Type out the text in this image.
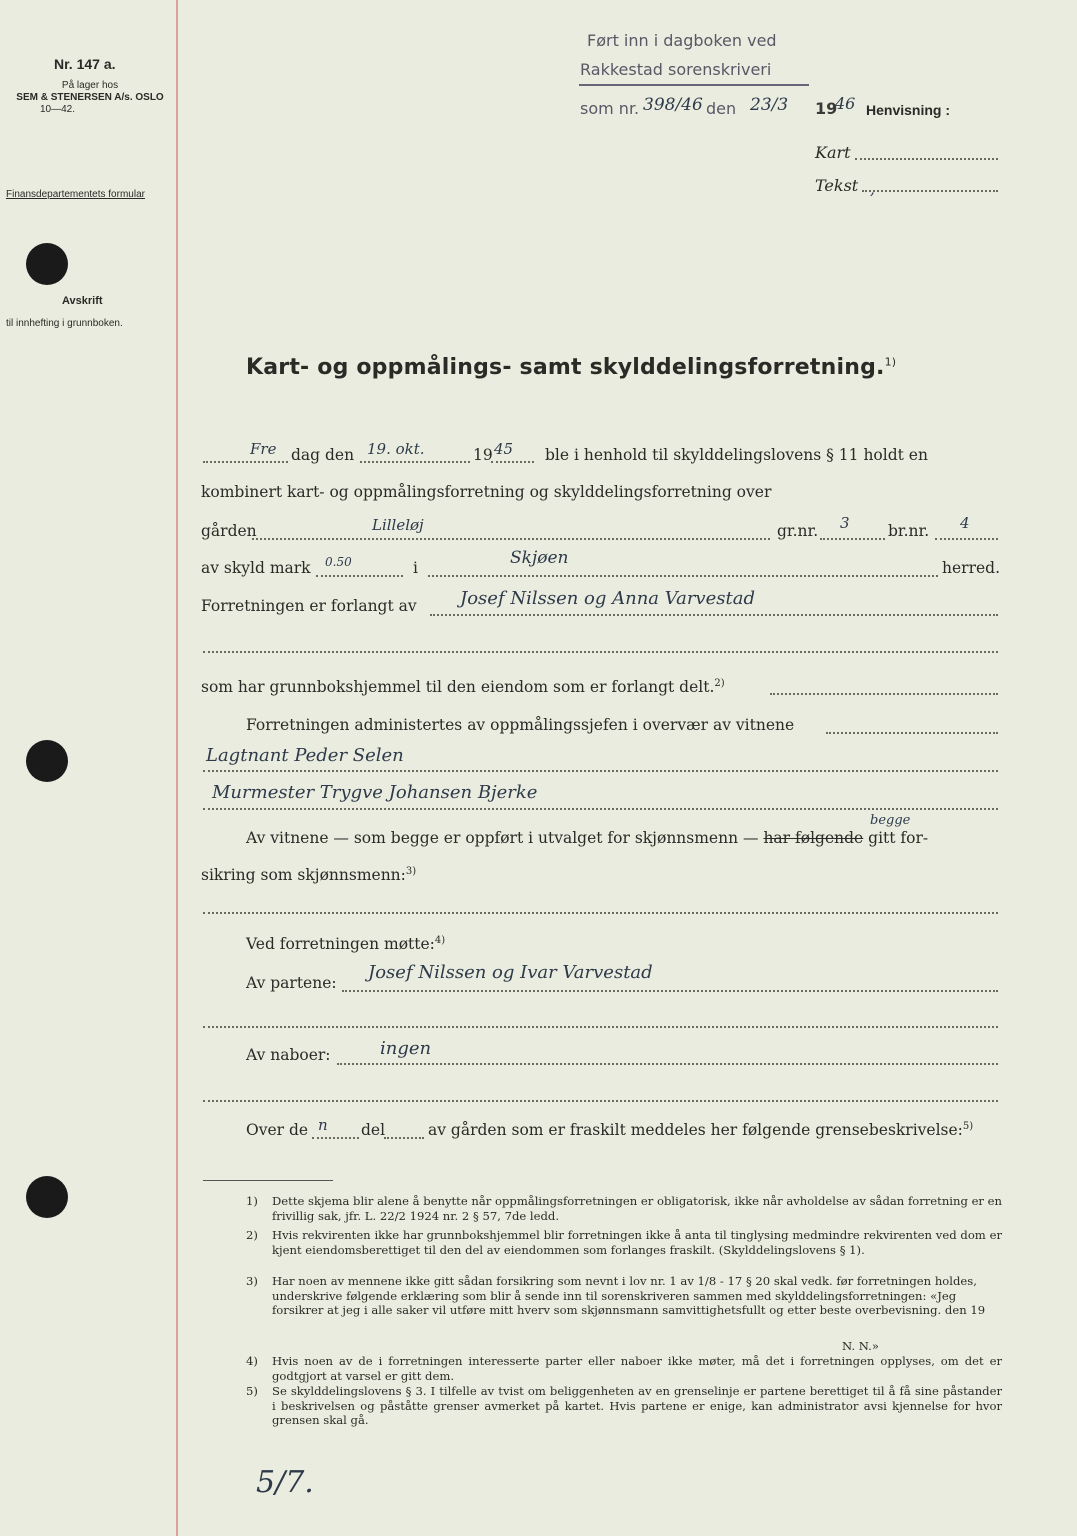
Nr. 147 a.
På lager hos
SEM & STENERSEN A/s. OSLO
10—42.
Finansdepartementets formular
Avskrift
til innhefting i grunnboken.
Ført inn i dagboken ved
Rakkestad sorenskriveri
som nr. 398/46 den 23/3 19
46 Henvisning :
Kart
Tekst ,
Kart- og oppmålings- samt skylddelingsforretning.$^{1)}$
Fre dag den 19. okt.	19 45 ble i henhold til skylddelingslovens § 11 holdt en
kombinert kart- og oppmålingsforretning og skylddelingsforretning over
gården	Lilleløj	gr.nr. 3 br.nr. 4
av skyld mark 0.50	i	Skjøen	herred.
Forretningen er forlangt av Josef Nilssen og Anna Varvestad
som har grunnbokshjemmel til den eiendom som er forlangt delt.$^{2)}$
Forretningen administertes av oppmålingssjefen i overvær av vitnene
Lagtnant Peder Selen
Murmester Trygve Johansen Bjerke
begge
Av vitnene — som begge er oppført i utvalget for skjønnsmenn — har følgende gitt for-
sikring som skjønnsmenn:$^{3)}$
Ved forretningen møtte:$^{4)}$
Av partene: Josef Nilssen og Ivar Varvestad
Av naboer:	ingen
Over de n del	av gården som er fraskilt meddeles her følgende grensebeskrivelse:$^{5)}$
1) Dette skjema blir alene å benytte når oppmålingsforretningen er obligatorisk, ikke når avholdelse av sådan forretning er en frivillig sak, jfr. L. 22/2 1924 nr. 2 § 57, 7de ledd.
2) Hvis rekvirenten ikke har grunnbokshjemmel blir forretningen ikke å anta til tinglysing medmindre rekvirenten ved dom er kjent eiendomsberettiget til den del av eiendommen som forlanges fraskilt. (Skylddelingslovens § 1).
3) Har noen av mennene ikke gitt sådan forsikring som nevnt i lov nr. 1 av 1/8 - 17 § 20 skal vedk. før forretningen holdes, underskrive følgende erklæring som blir å sende inn til sorenskriveren sammen med skylddelingsforretningen: «Jeg forsikrer at jeg i alle saker vil utføre mitt hverv som skjønnsmann samvittighetsfullt og etter beste overbevisning. den 19
N. N.»
4) Hvis noen av de i forretningen interesserte parter eller naboer ikke møter, må det i forretningen opplyses, om det er godtgjort at varsel er gitt dem.
5) Se skylddelingslovens § 3. I tilfelle av tvist om beliggenheten av en grenselinje er partene berettiget til å få sine påstander i beskrivelsen og påståtte grenser avmerket på kartet. Hvis partene er enige, kan administrator avsi kjennelse for hvor grensen skal gå.
5/7.
